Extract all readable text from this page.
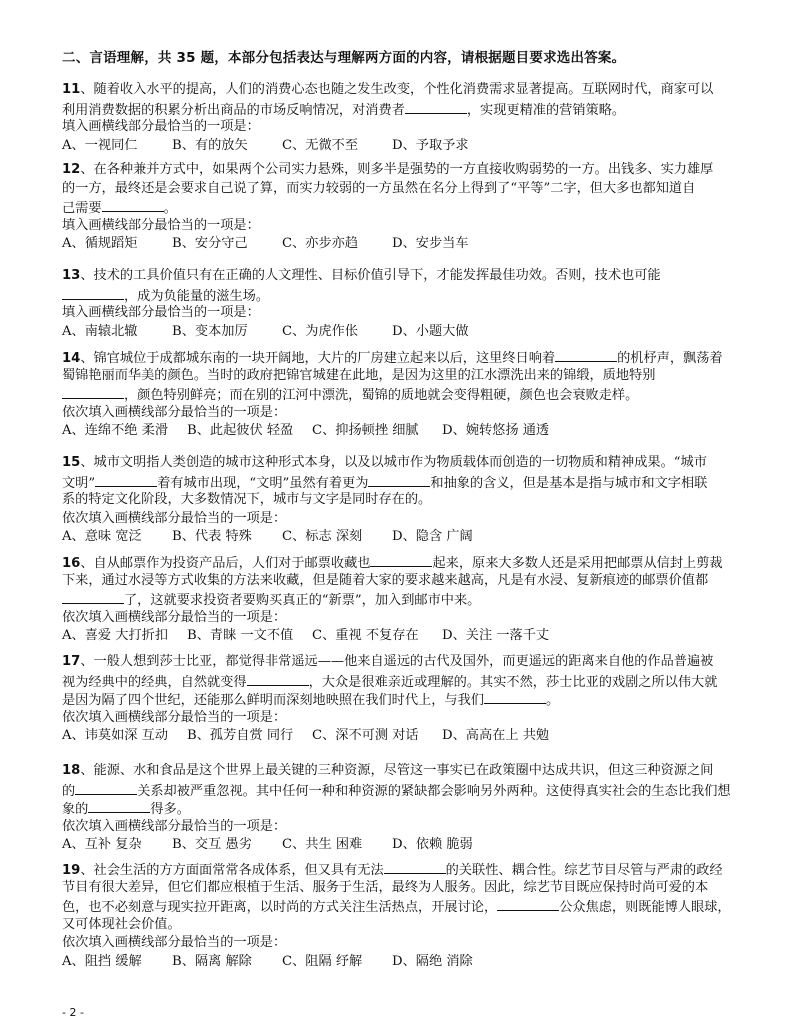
二、言语理解，共 35 题，本部分包括表达与理解两方面的内容，请根据题目要求选出答案。
11、随着收入水平的提高，人们的消费心态也随之发生改变，个性化消费需求显著提高。互联网时代，商家可以
利用消费数据的积累分析出商品的市场反响情况，对消费者	，实现更精准的营销策略。
填入画横线部分最恰当的一项是：
A、一视同仁	B、有的放矢	C、无微不至	D、予取予求
12、在各种兼并方式中，如果两个公司实力悬殊，则多半是强势的一方直接收购弱势的一方。出钱多、实力雄厚
的一方，最终还是会要求自己说了算，而实力较弱的一方虽然在名分上得到了“平等”二字，但大多也都知道自
己需要	。
填入画横线部分最恰当的一项是：
A、循规蹈矩	B、安分守己	C、亦步亦趋	D、安步当车
13、技术的工具价值只有在正确的人文理性、目标价值引导下，才能发挥最佳功效。否则，技术也可能
，成为负能量的滋生场。
填入画横线部分最恰当的一项是：
A、南辕北辙	B、变本加厉	C、为虎作伥	D、小题大做
14、锦官城位于成都城东南的一块开阔地，大片的厂房建立起来以后，这里终日响着	的机杼声，飘荡着
蜀锦艳丽而华美的颜色。当时的政府把锦官城建在此地，是因为这里的江水漂洗出来的锦缎，质地特别
，颜色特别鲜亮；而在别的江河中漂洗，蜀锦的质地就会变得粗硬，颜色也会衰败走样。
依次填入画横线部分最恰当的一项是：
A、连绵不绝 柔滑 B、此起彼伏 轻盈 C、抑扬顿挫 细腻 D、婉转悠扬 通透
15、城市文明指人类创造的城市这种形式本身，以及以城市作为物质载体而创造的一切物质和精神成果。“城市
文明”	着有城市出现，“文明”虽然有着更为	和抽象的含义，但是基本是指与城市和文字相联
系的特定文化阶段，大多数情况下，城市与文字是同时存在的。
依次填入画横线部分最恰当的一项是：
A、意味 宽泛 B、代表 特殊 C、标志 深刻 D、隐含 广阔
16、自从邮票作为投资产品后，人们对于邮票收藏也	起来，原来大多数人还是采用把邮票从信封上剪裁
下来，通过水浸等方式收集的方法来收藏，但是随着大家的要求越来越高，凡是有水浸、复新痕迹的邮票价值都
了，这就要求投资者要购买真正的“新票”，加入到邮市中来。
依次填入画横线部分最恰当的一项是：
A、喜爱 大打折扣 B、青睐 一文不值 C、重视 不复存在 D、关注 一落千丈
17、一般人想到莎士比亚，都觉得非常遥远——他来自遥远的古代及国外，而更遥远的距离来自他的作品普遍被
视为经典中的经典，自然就变得	，大众是很难亲近或理解的。其实不然，莎士比亚的戏剧之所以伟大就
是因为隔了四个世纪，还能那么鲜明而深刻地映照在我们时代上，与我们	。
依次填入画横线部分最恰当的一项是：
A、讳莫如深 互动 B、孤芳自赏 同行 C、深不可测 对话 D、高高在上 共勉
18、能源、水和食品是这个世界上最关键的三种资源，尽管这一事实已在政策圈中达成共识，但这三种资源之间
的	关系却被严重忽视。其中任何一种和种资源的紧缺都会影响另外两种。这使得真实社会的生态比我们想
象的	得多。
依次填入画横线部分最恰当的一项是：
A、互补 复杂 B、交互 愚劣 C、共生 困难 D、依赖 脆弱
19、社会生活的方方面面常常各成体系，但又具有无法	的关联性、耦合性。综艺节目尽管与严肃的政经
节目有很大差异，但它们都应根植于生活、服务于生活，最终为人服务。因此，综艺节目既应保持时尚可爱的本
色，也不必刻意与现实拉开距离，以时尚的方式关注生活热点，开展讨论，	公众焦虑，则既能博人眼球，
又可体现社会价值。
依次填入画横线部分最恰当的一项是：
A、阻挡 缓解 B、隔离 解除 C、阻隔 纾解 D、隔绝 消除
- 2 -
